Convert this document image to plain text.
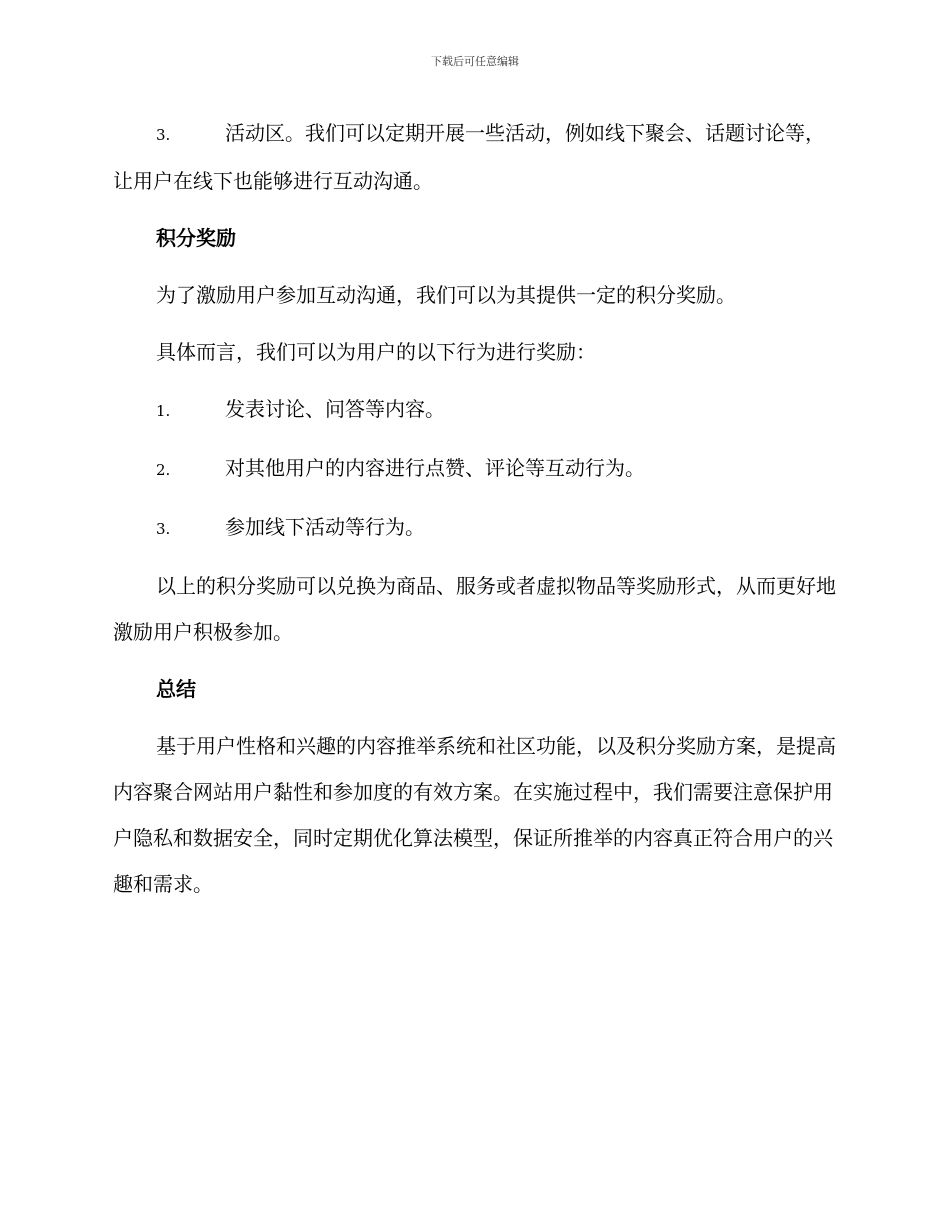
下载后可任意编辑

3.	活动区。我们可以定期开展一些活动，例如线下聚会、话题讨论等，让用户在线下也能够进行互动沟通。

积分奖励

为了激励用户参加互动沟通，我们可以为其提供一定的积分奖励。

具体而言，我们可以为用户的以下行为进行奖励：

1.	发表讨论、问答等内容。

2.	对其他用户的内容进行点赞、评论等互动行为。

3.	参加线下活动等行为。

以上的积分奖励可以兑换为商品、服务或者虚拟物品等奖励形式，从而更好地激励用户积极参加。

总结

基于用户性格和兴趣的内容推举系统和社区功能，以及积分奖励方案，是提高内容聚合网站用户黏性和参加度的有效方案。在实施过程中，我们需要注意保护用户隐私和数据安全，同时定期优化算法模型，保证所推举的内容真正符合用户的兴趣和需求。
